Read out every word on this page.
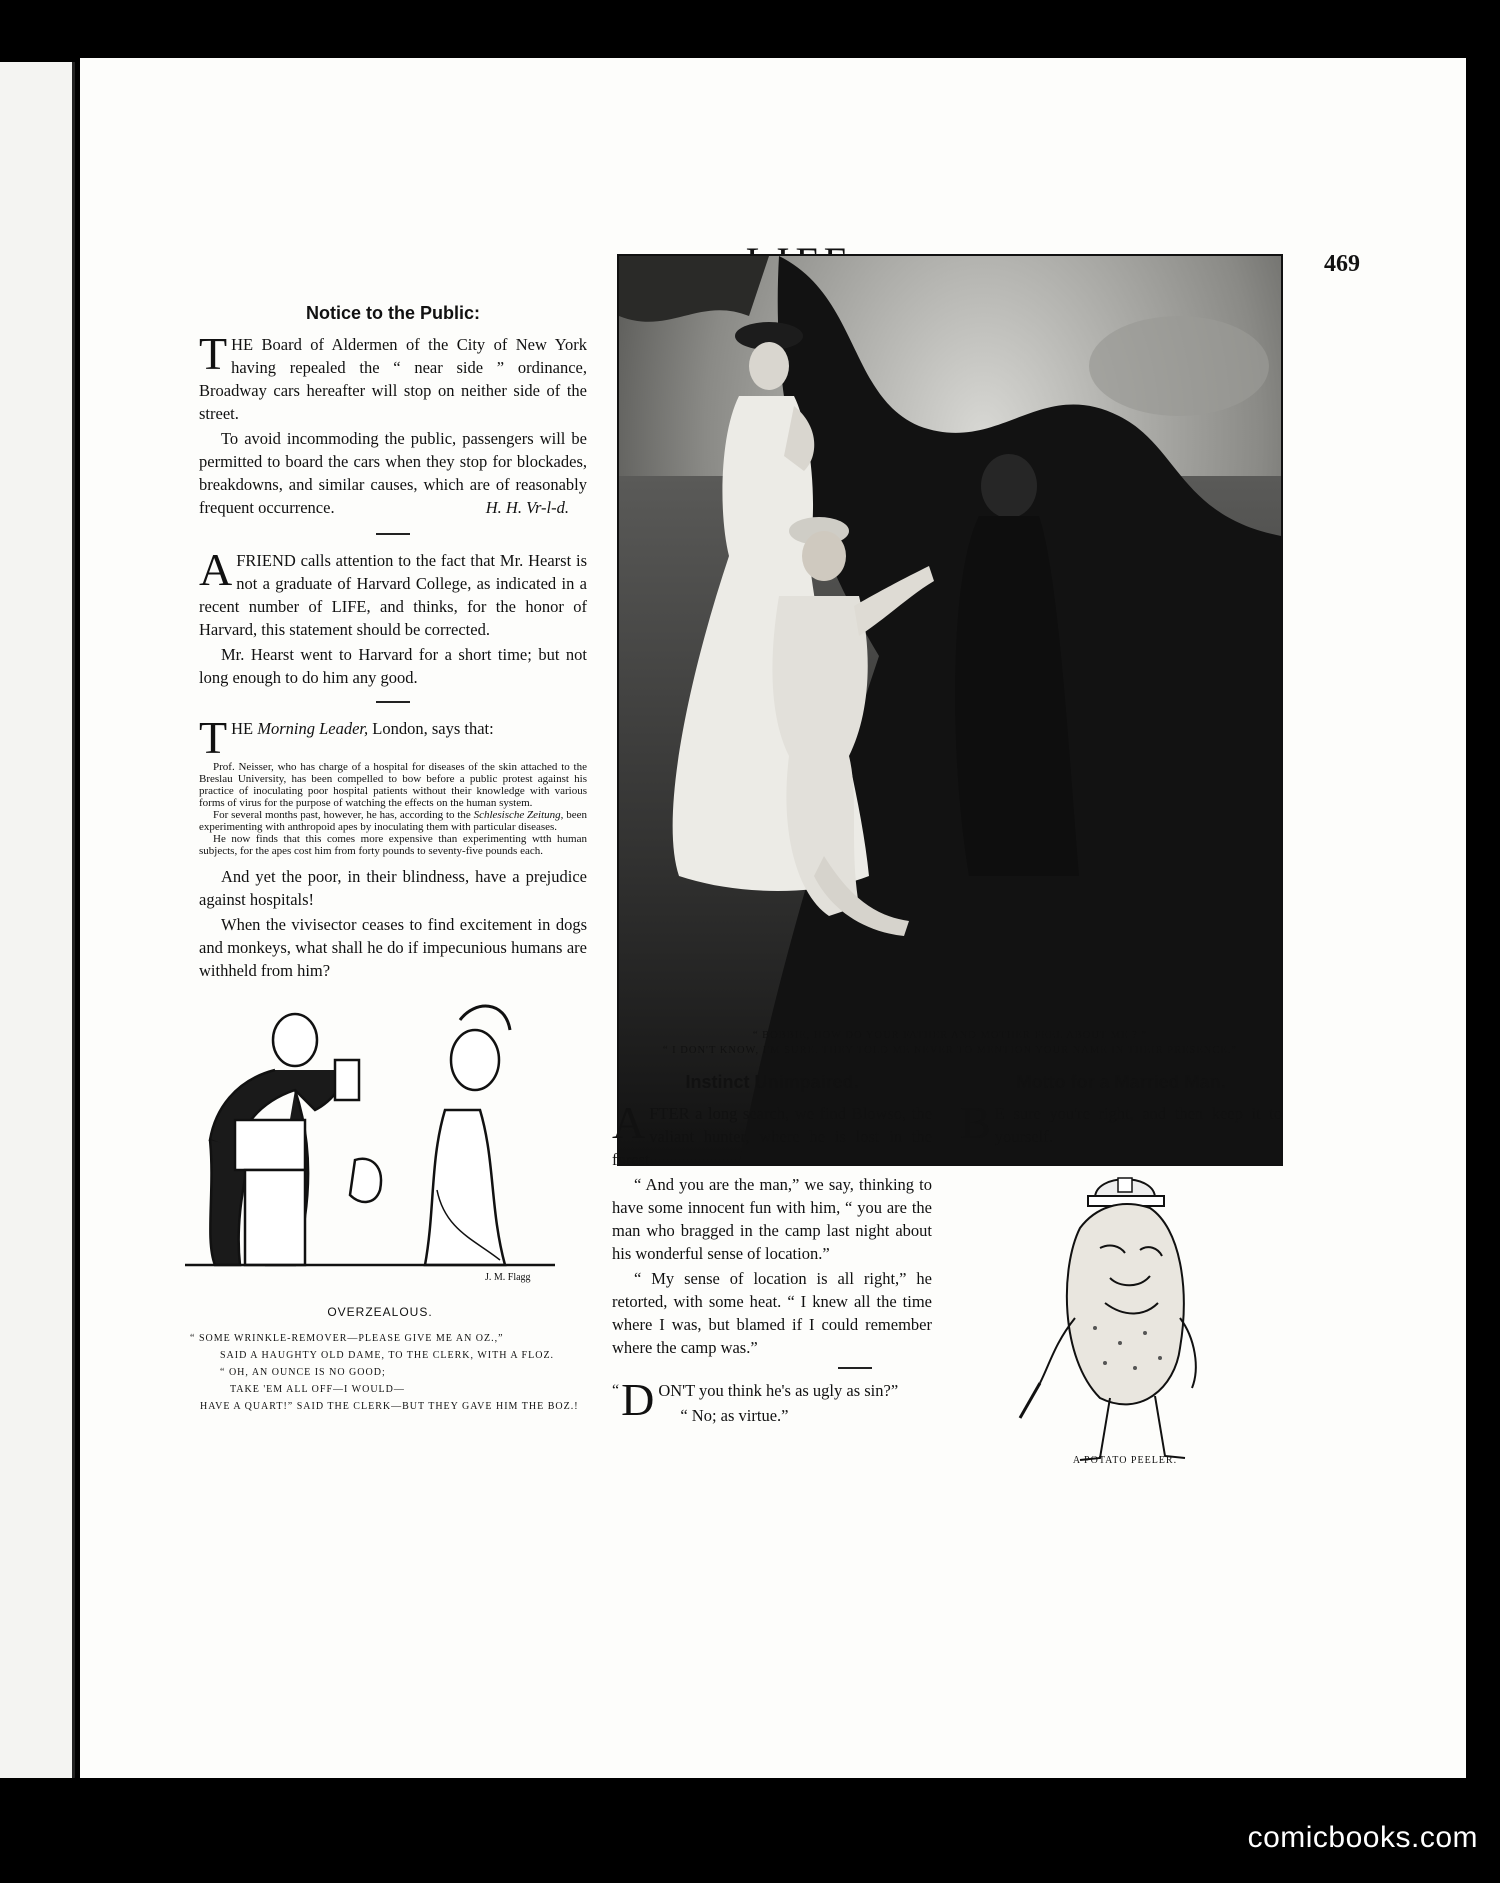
469
Notice to the Public:

T HE Board of Aldermen of the City of New York having repealed the “ near side ” ordinance, Broadway cars hereafter will stop on neither side of the street.

To avoid incommoding the public, passengers will be permitted to board the cars when they stop for blockades, breakdowns, and similar causes, which are of reasonably frequent occurrence.	H. H. Vr-l-d.

A FRIEND calls attention to the fact that Mr. Hearst is not a graduate of Harvard College, as indicated in a recent number of LIFE, and thinks, for the honor of Harvard, this statement should be corrected.

Mr. Hearst went to Harvard for a short time; but not long enough to do him any good.

T HE Morning Leader, London, says that:

Prof. Neisser, who has charge of a hospital for diseases of the skin attached to the Breslau University, has been compelled to bow before a public protest against his practice of inoculating poor hospital patients without their knowledge with various forms of virus for the purpose of watching the effects on the human system.

For several months past, however, he has, according to the Schlesische Zeitung, been experimenting with anthropoid apes by inoculating them with particular diseases.

He now finds that this comes more expensive than experimenting wtth human subjects, for the apes cost him from forty pounds to seventy-five pounds each.

And yet the poor, in their blindness, have a prejudice against hospitals!

When the vivisector ceases to find excitement in dogs and monkeys, what shall he do if impecunious humans are withheld from him?

“ BOBBIE, HOW DO YOUR FATHER AND MOTHER FEEL ABOUT ME ? ”
“ I DON'T KNOW, I'M SURE. THEY TOLD ME NEVER TO MENTION YOUR NAME IN THEIR PRESENCE.”
J. M. Flagg
OVERZEALOUS.
“ SOME WRINKLE-REMOVER—PLEASE GIVE ME AN OZ.,”
SAID A HAUGHTY OLD DAME, TO THE CLERK, WITH A FLOZ.
“ OH, AN OUNCE IS NO GOOD;
TAKE 'EM ALL OFF—I WOULD—
HAVE A QUART!” SAID THE CLERK—BUT THEY GAVE HIM THE BOZ.!
Instinct Unimpaired.

A FTER a long search, we find Blowso, the valiant hunter, where he is lost in the forest.

“ And you are the man,” we say, thinking to have some innocent fun with him, “ you are the man who bragged in the camp last night about his wonderful sense of location.”

“ My sense of location is all right,” he retorted, with some heat. “ I knew all the time where I was, but blamed if I could remember where the camp was.”

“ D ON'T you think he's as ugly as sin?”

“ No; as virtue.”

Motto for a Married Man.

B E sure you're right, and then keep it to yourself.

A POTATO PEELER.
comicbooks.com
